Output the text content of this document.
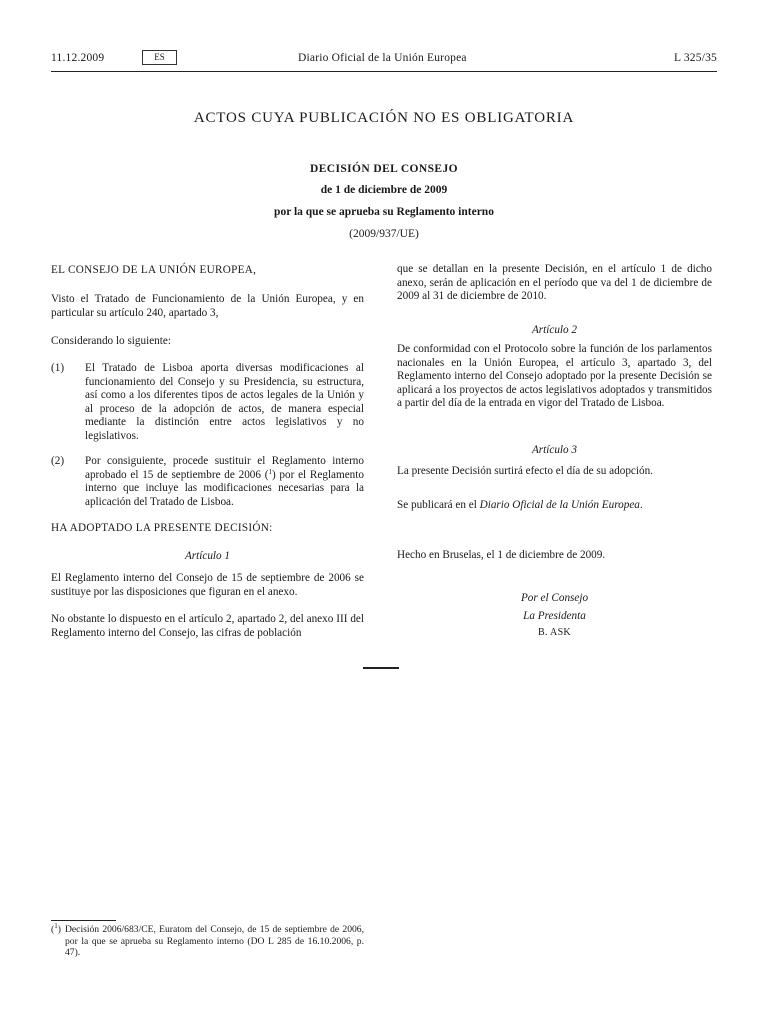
11.12.2009	ES	Diario Oficial de la Unión Europea	L 325/35
ACTOS CUYA PUBLICACIÓN NO ES OBLIGATORIA
DECISIÓN DEL CONSEJO
de 1 de diciembre de 2009
por la que se aprueba su Reglamento interno
(2009/937/UE)

EL CONSEJO DE LA UNIÓN EUROPEA,

Visto el Tratado de Funcionamiento de la Unión Europea, y en particular su artículo 240, apartado 3,

Considerando lo siguiente:

(1) El Tratado de Lisboa aporta diversas modificaciones al funcionamiento del Consejo y su Presidencia, su estructura, así como a los diferentes tipos de actos legales de la Unión y al proceso de la adopción de actos, de manera especial mediante la distinción entre actos legislativos y no legislativos.

(2) Por consiguiente, procede sustituir el Reglamento interno aprobado el 15 de septiembre de 2006 ($^1$) por el Reglamento interno que incluye las modificaciones necesarias para la aplicación del Tratado de Lisboa.

HA ADOPTADO LA PRESENTE DECISIÓN:

Artículo 1

El Reglamento interno del Consejo de 15 de septiembre de 2006 se sustituye por las disposiciones que figuran en el anexo.

No obstante lo dispuesto en el artículo 2, apartado 2, del anexo III del Reglamento interno del Consejo, las cifras de población

que se detallan en la presente Decisión, en el artículo 1 de dicho anexo, serán de aplicación en el período que va del 1 de diciembre de 2009 al 31 de diciembre de 2010.

Artículo 2

De conformidad con el Protocolo sobre la función de los parlamentos nacionales en la Unión Europea, el artículo 3, apartado 3, del Reglamento interno del Consejo adoptado por la presente Decisión se aplicará a los proyectos de actos legislativos adoptados y transmitidos a partir del día de la entrada en vigor del Tratado de Lisboa.

Artículo 3

La presente Decisión surtirá efecto el día de su adopción.

Se publicará en el Diario Oficial de la Unión Europea.

Hecho en Bruselas, el 1 de diciembre de 2009.

Por el Consejo
La Presidenta
B. ASK
($^1$) Decisión 2006/683/CE, Euratom del Consejo, de 15 de septiembre de 2006, por la que se aprueba su Reglamento interno (DO L 285 de 16.10.2006, p. 47).
